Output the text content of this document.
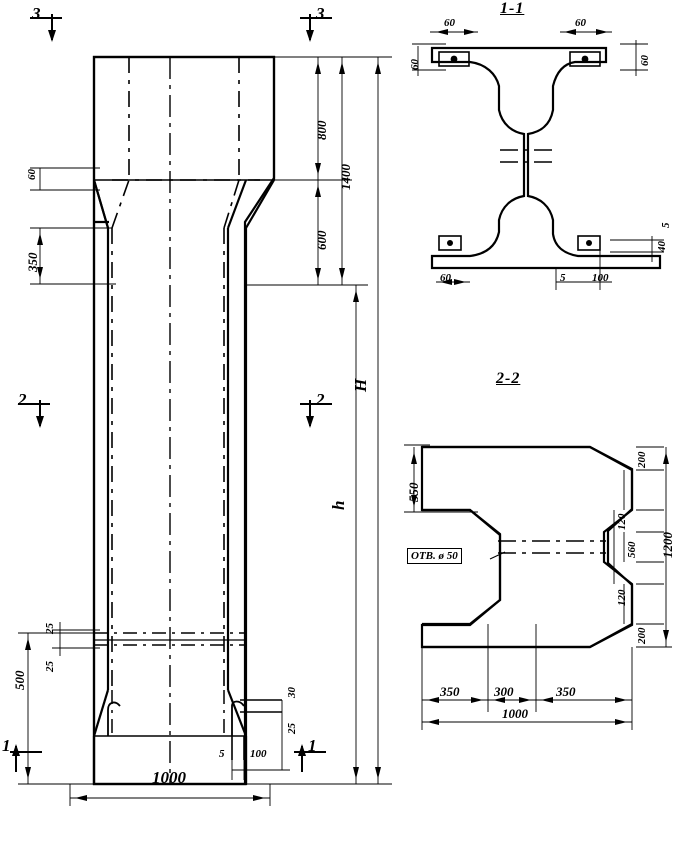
1-1
2-2
3	3
2	2
1	1
800
1400
600
60
350
H
h
500
25
25
1000
5 100
30
25
60	60
60	60
60	5 100
5
40
550
200
120
560
120
200
1200
OTB. ø 50
350	300	350
1000
